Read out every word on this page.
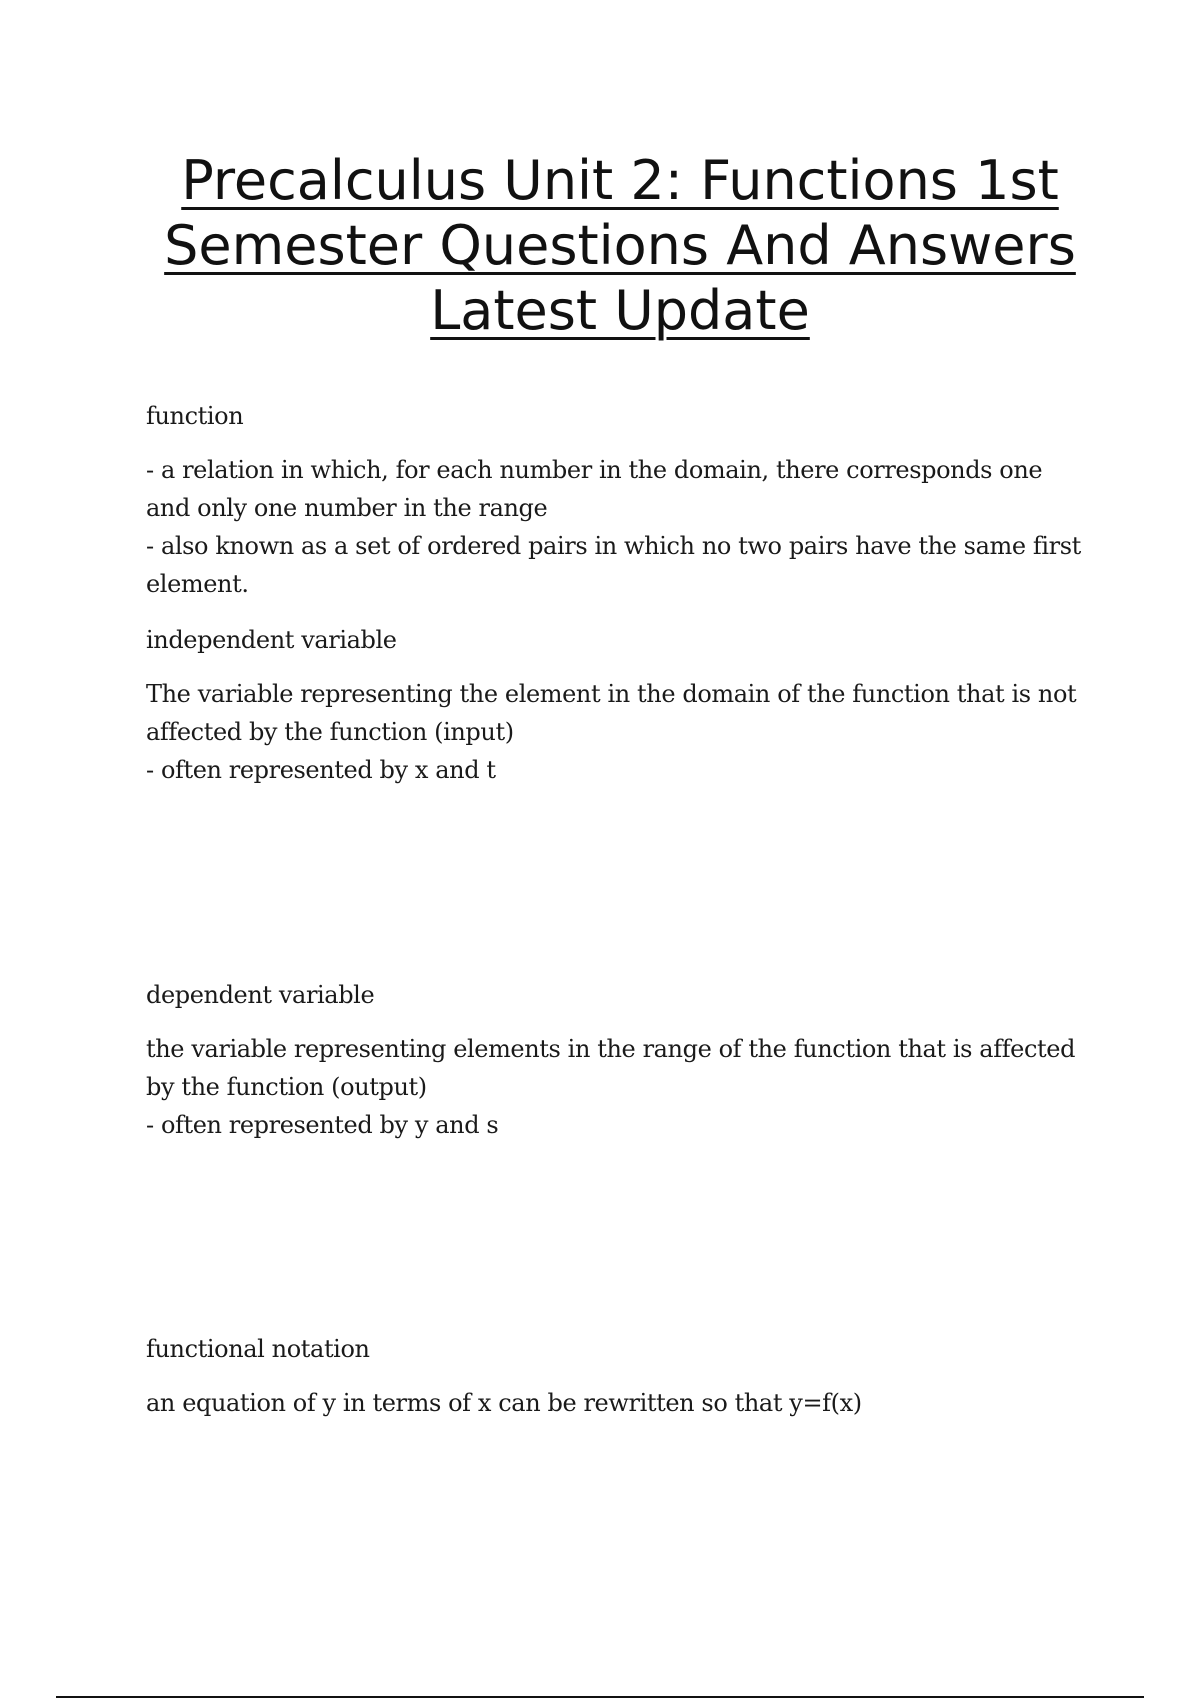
Precalculus Unit 2: Functions 1st
Semester Questions And Answers
Latest Update

function

- a relation in which, for each number in the domain, there corresponds one
and only one number in the range
- also known as a set of ordered pairs in which no two pairs have the same first
element.

independent variable

The variable representing the element in the domain of the function that is not
affected by the function (input)
- often represented by x and t

dependent variable

the variable representing elements in the range of the function that is affected
by the function (output)
- often represented by y and s

functional notation

an equation of y in terms of x can be rewritten so that y=f(x)
